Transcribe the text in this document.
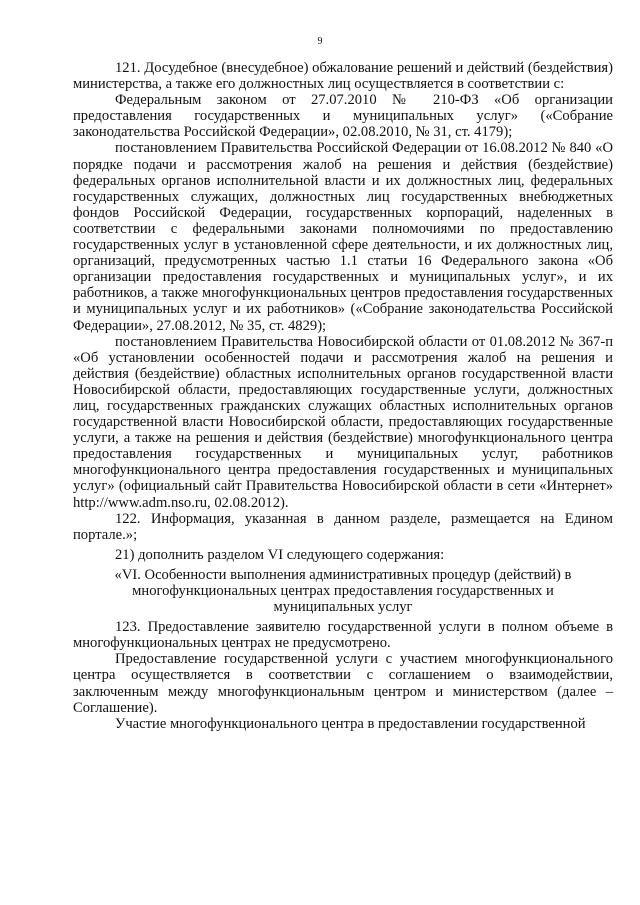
9

121. Досудебное (внесудебное) обжалование решений и действий (бездействия) министерства, а также его должностных лиц осуществляется в соответствии с:

Федеральным законом от 27.07.2010 № 210-ФЗ «Об организации предоставления государственных и муниципальных услуг» («Собрание законодательства Российской Федерации», 02.08.2010, № 31, ст. 4179);

постановлением Правительства Российской Федерации от 16.08.2012 № 840 «О порядке подачи и рассмотрения жалоб на решения и действия (бездействие) федеральных органов исполнительной власти и их должностных лиц, федеральных государственных служащих, должностных лиц государственных внебюджетных фондов Российской Федерации, государственных корпораций, наделенных в соответствии с федеральными законами полномочиями по предоставлению государственных услуг в установленной сфере деятельности, и их должностных лиц, организаций, предусмотренных частью 1.1 статьи 16 Федерального закона «Об организации предоставления государственных и муниципальных услуг», и их работников, а также многофункциональных центров предоставления государственных и муниципальных услуг и их работников» («Собрание законодательства Российской Федерации», 27.08.2012, № 35, ст. 4829);

постановлением Правительства Новосибирской области от 01.08.2012 № 367-п «Об установлении особенностей подачи и рассмотрения жалоб на решения и действия (бездействие) областных исполнительных органов государственной власти Новосибирской области, предоставляющих государственные услуги, должностных лиц, государственных гражданских служащих областных исполнительных органов государственной власти Новосибирской области, предоставляющих государственные услуги, а также на решения и действия (бездействие) многофункционального центра предоставления государственных и муниципальных услуг, работников многофункционального центра предоставления государственных и муниципальных услуг» (официальный сайт Правительства Новосибирской области в сети «Интернет» http://www.adm.nso.ru, 02.08.2012).

122. Информация, указанная в данном разделе, размещается на Едином портале.»;

21) дополнить разделом VI следующего содержания:

«VI. Особенности выполнения административных процедур (действий) в многофункциональных центрах предоставления государственных и муниципальных услуг

123. Предоставление заявителю государственной услуги в полном объеме в многофункциональных центрах не предусмотрено.

Предоставление государственной услуги с участием многофункционального центра осуществляется в соответствии с соглашением о взаимодействии, заключенным между многофункциональным центром и министерством (далее – Соглашение).

Участие многофункционального центра в предоставлении государственной
